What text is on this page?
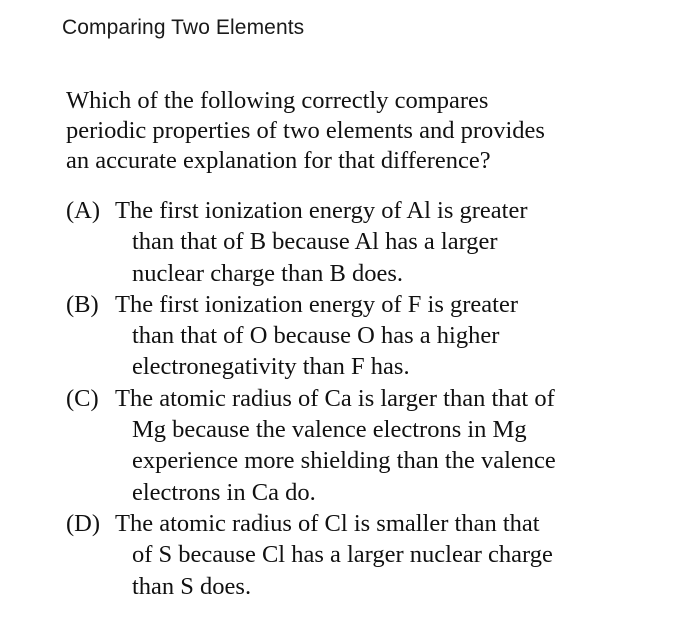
Comparing Two Elements
Which of the following correctly compares
periodic properties of two elements and provides
an accurate explanation for that difference?
(A) The first ionization energy of Al is greater
than that of B because Al has a larger
nuclear charge than B does.
(B) The first ionization energy of F is greater
than that of O because O has a higher
electronegativity than F has.
(C) The atomic radius of Ca is larger than that of
Mg because the valence electrons in Mg
experience more shielding than the valence
electrons in Ca do.
(D) The atomic radius of Cl is smaller than that
of S because Cl has a larger nuclear charge
than S does.
